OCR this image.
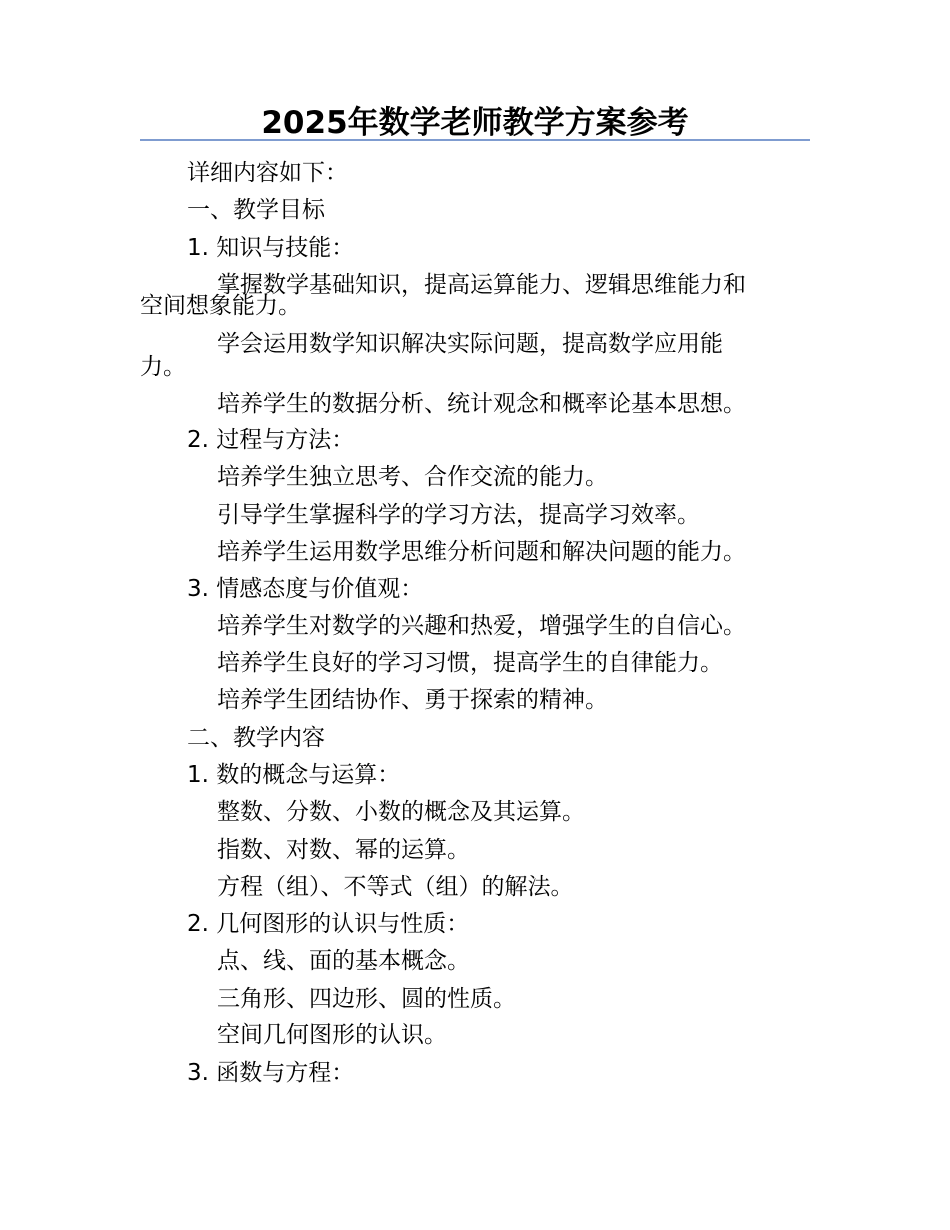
2025年数学老师教学方案参考
详细内容如下：
一、教学目标
1. 知识与技能：
掌握数学基础知识，提高运算能力、逻辑思维能力和
空间想象能力。
学会运用数学知识解决实际问题，提高数学应用能
力。
培养学生的数据分析、统计观念和概率论基本思想。
2. 过程与方法：
培养学生独立思考、合作交流的能力。
引导学生掌握科学的学习方法，提高学习效率。
培养学生运用数学思维分析问题和解决问题的能力。
3. 情感态度与价值观：
培养学生对数学的兴趣和热爱，增强学生的自信心。
培养学生良好的学习习惯，提高学生的自律能力。
培养学生团结协作、勇于探索的精神。
二、教学内容
1. 数的概念与运算：
整数、分数、小数的概念及其运算。
指数、对数、幂的运算。
方程（组）、不等式（组）的解法。
2. 几何图形的认识与性质：
点、线、面的基本概念。
三角形、四边形、圆的性质。
空间几何图形的认识。
3. 函数与方程：
